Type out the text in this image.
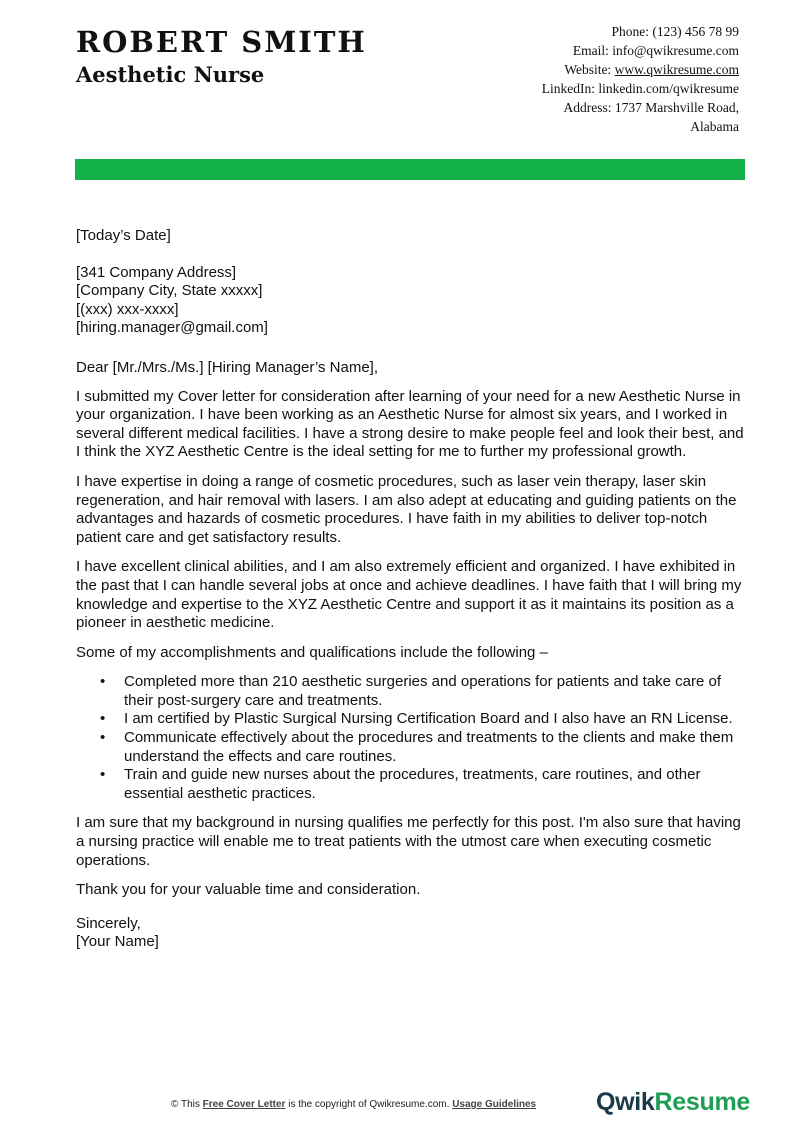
ROBERT SMITH
Aesthetic Nurse
Phone: (123) 456 78 99
Email: info@qwikresume.com
Website: www.qwikresume.com
LinkedIn: linkedin.com/qwikresume
Address: 1737 Marshville Road,
Alabama

[Today’s Date]

[341 Company Address]

[Company City, State xxxxx]

[(xxx) xxx-xxxx]

[hiring.manager@gmail.com]

Dear [Mr./Mrs./Ms.] [Hiring Manager’s Name],

I submitted my Cover letter for consideration after learning of your need for a new Aesthetic Nurse in your organization. I have been working as an Aesthetic Nurse for almost six years, and I worked in several different medical facilities. I have a strong desire to make people feel and look their best, and I think the XYZ Aesthetic Centre is the ideal setting for me to further my professional growth.

I have expertise in doing a range of cosmetic procedures, such as laser vein therapy, laser skin regeneration, and hair removal with lasers. I am also adept at educating and guiding patients on the advantages and hazards of cosmetic procedures. I have faith in my abilities to deliver top-notch patient care and get satisfactory results.

I have excellent clinical abilities, and I am also extremely efficient and organized. I have exhibited in the past that I can handle several jobs at once and achieve deadlines. I have faith that I will bring my knowledge and expertise to the XYZ Aesthetic Centre and support it as it maintains its position as a pioneer in aesthetic medicine.

Some of my accomplishments and qualifications include the following –

• Completed more than 210 aesthetic surgeries and operations for patients and take care of their post-surgery care and treatments.
• I am certified by Plastic Surgical Nursing Certification Board and I also have an RN License.
• Communicate effectively about the procedures and treatments to the clients and make them understand the effects and care routines.
• Train and guide new nurses about the procedures, treatments, care routines, and other essential aesthetic practices.

I am sure that my background in nursing qualifies me perfectly for this post. I'm also sure that having a nursing practice will enable me to treat patients with the utmost care when executing cosmetic operations.

Thank you for your valuable time and consideration.

Sincerely,

[Your Name]

© This Free Cover Letter is the copyright of Qwikresume.com. Usage Guidelines QwikResume
